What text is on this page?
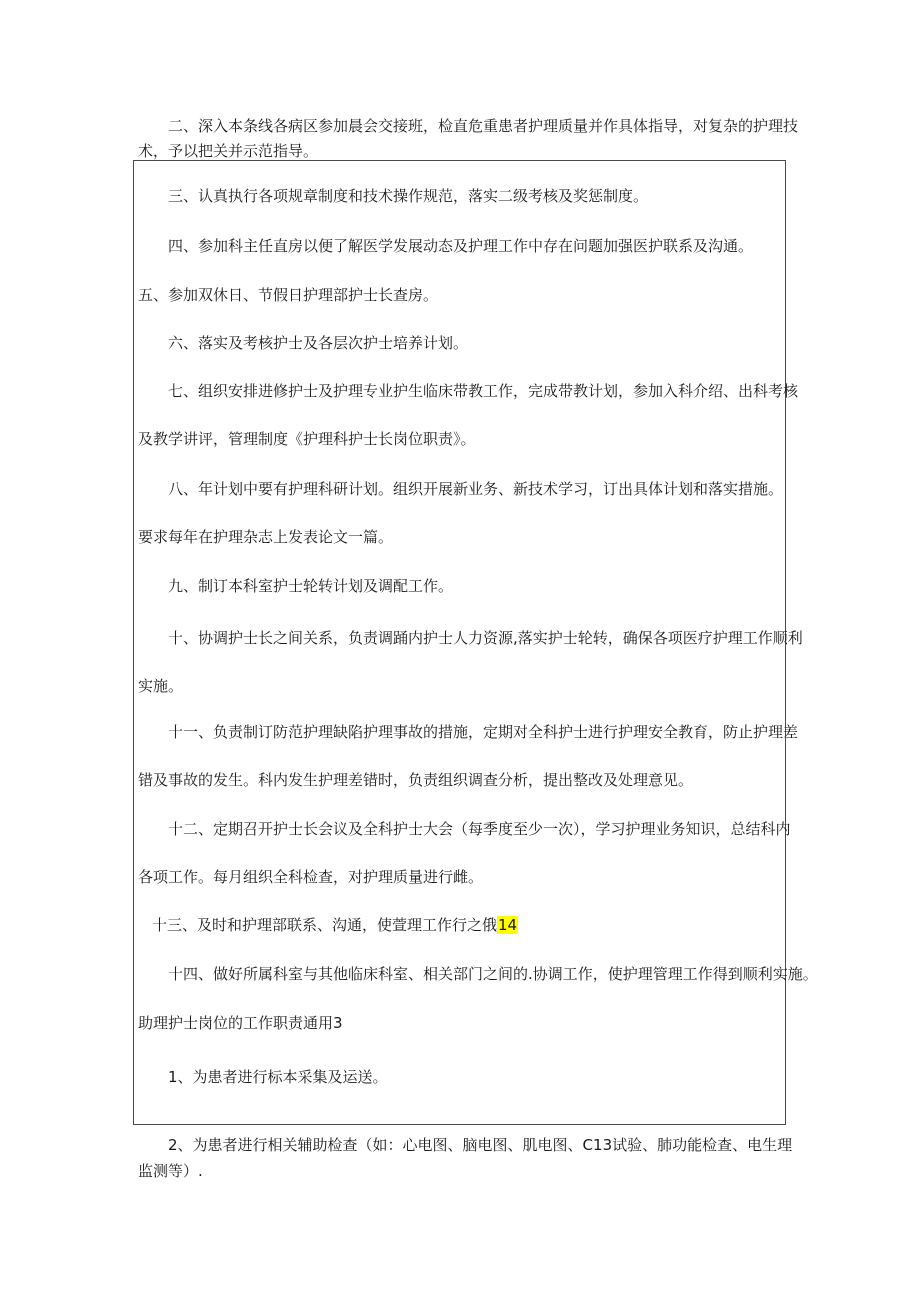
二、深入本条线各病区参加晨会交接班，检直危重患者护理质量并作具体指导，对复杂的护理技

术，予以把关并示范指导。

三、认真执行各项规章制度和技术操作规范，落实二级考核及奖惩制度。

四、参加科主任直房以便了解医学发展动态及护理工作中存在问题加强医护联系及沟通。

五、参加双休日、节假日护理部护士长查房。

六、落实及考核护士及各层次护士培养计划。

七、组织安排进修护士及护理专业护生临床带教工作，完成带教计划，参加入科介绍、出科考核

及教学讲评，管理制度《护理科护士长岗位职责》。

八、年计划中要有护理科研计划。组织开展新业务、新技术学习，订出具体计划和落实措施。

要求每年在护理杂志上发表论文一篇。

九、制订本科室护士轮转计划及调配工作。

十、协调护士长之间关系，负责调踊内护士人力资源,落实护士轮转，确保各项医疗护理工作顺利

实施。

十一、负责制订防范护理缺陷护理事故的措施，定期对全科护士进行护理安全教育，防止护理差

错及事故的发生。科内发生护理差错时，负责组织调查分析，提出整改及处理意见。

十二、定期召开护士长会议及全科护士大会（每季度至少一次），学习护理业务知识，总结科内

各项工作。每月组织全科检查，对护理质量进行雌。

十三、及时和护理部联系、沟通，使萱理工作行之俄14

十四、做好所属科室与其他临床科室、相关部门之间的.协调工作，使护理管理工作得到顺利实施。

助理护士岗位的工作职责通用3

1、为患者进行标本采集及运送。

2、为患者进行相关辅助检查（如：心电图、脑电图、肌电图、C13试验、肺功能检查、电生理

监测等）.
